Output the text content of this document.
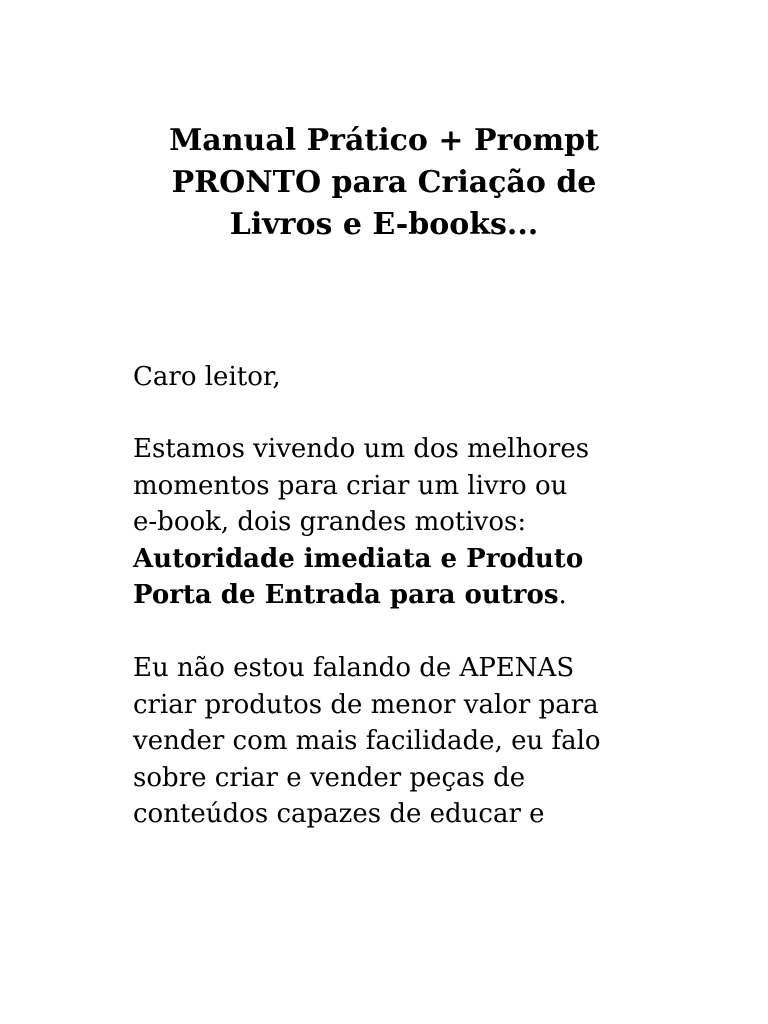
Manual Prático + Prompt
PRONTO para Criação de
Livros e E-books...

Caro leitor,

Estamos vivendo um dos melhores
momentos para criar um livro ou
e-book, dois grandes motivos:
Autoridade imediata e Produto
Porta de Entrada para outros.

Eu não estou falando de APENAS
criar produtos de menor valor para
vender com mais facilidade, eu falo
sobre criar e vender peças de
conteúdos capazes de educar e
